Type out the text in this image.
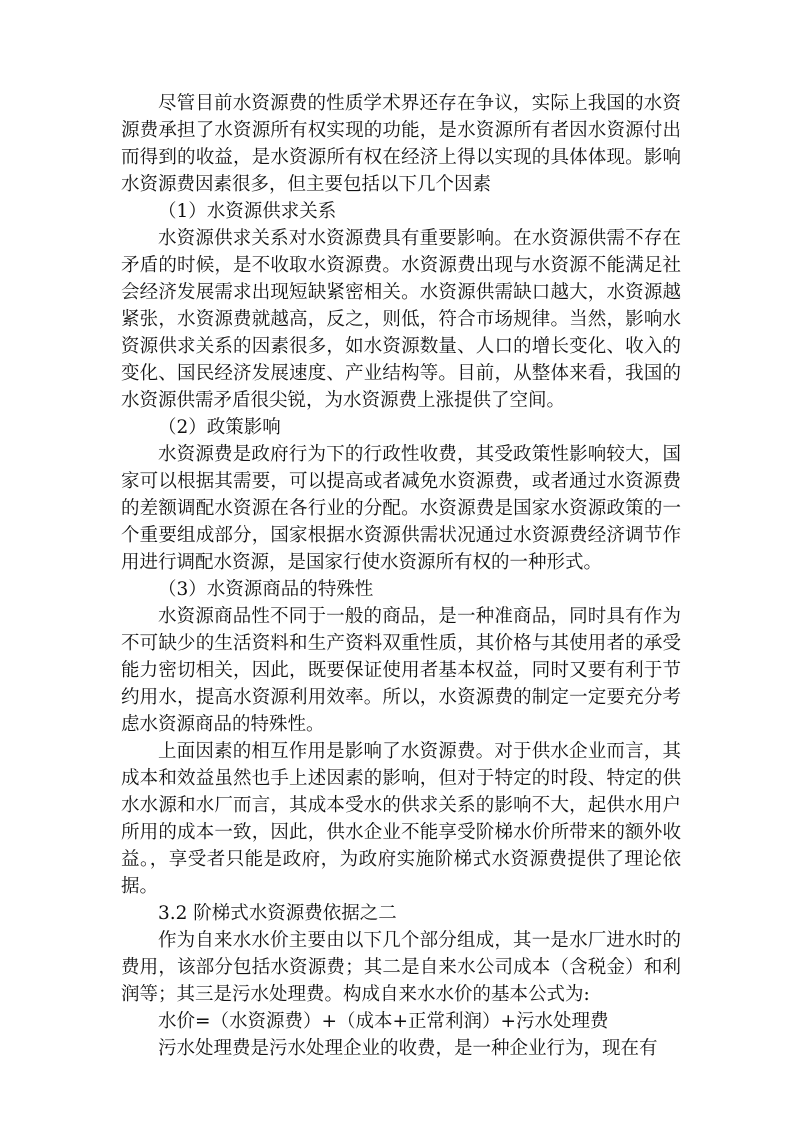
尽管目前水资源费的性质学术界还存在争议，实际上我国的水资源费承担了水资源所有权实现的功能，是水资源所有者因水资源付出而得到的收益，是水资源所有权在经济上得以实现的具体体现。影响水资源费因素很多，但主要包括以下几个因素

（1）水资源供求关系

水资源供求关系对水资源费具有重要影响。在水资源供需不存在矛盾的时候，是不收取水资源费。水资源费出现与水资源不能满足社会经济发展需求出现短缺紧密相关。水资源供需缺口越大，水资源越紧张，水资源费就越高，反之，则低，符合市场规律。当然，影响水资源供求关系的因素很多，如水资源数量、人口的增长变化、收入的变化、国民经济发展速度、产业结构等。目前，从整体来看，我国的水资源供需矛盾很尖锐，为水资源费上涨提供了空间。

（2）政策影响

水资源费是政府行为下的行政性收费，其受政策性影响较大，国家可以根据其需要，可以提高或者减免水资源费，或者通过水资源费的差额调配水资源在各行业的分配。水资源费是国家水资源政策的一个重要组成部分，国家根据水资源供需状况通过水资源费经济调节作用进行调配水资源，是国家行使水资源所有权的一种形式。

（3）水资源商品的特殊性

水资源商品性不同于一般的商品，是一种准商品，同时具有作为不可缺少的生活资料和生产资料双重性质，其价格与其使用者的承受能力密切相关，因此，既要保证使用者基本权益，同时又要有利于节约用水，提高水资源利用效率。所以，水资源费的制定一定要充分考虑水资源商品的特殊性。

上面因素的相互作用是影响了水资源费。对于供水企业而言，其成本和效益虽然也手上述因素的影响，但对于特定的时段、特定的供水水源和水厂而言，其成本受水的供求关系的影响不大，起供水用户所用的成本一致，因此，供水企业不能享受阶梯水价所带来的额外收益。，享受者只能是政府，为政府实施阶梯式水资源费提供了理论依据。

3.2 阶梯式水资源费依据之二

作为自来水水价主要由以下几个部分组成，其一是水厂进水时的费用，该部分包括水资源费；其二是自来水公司成本（含税金）和利润等；其三是污水处理费。构成自来水水价的基本公式为:

水价=（水资源费）+（成本+正常利润）+污水处理费

污水处理费是污水处理企业的收费，是一种企业行为，现在有
